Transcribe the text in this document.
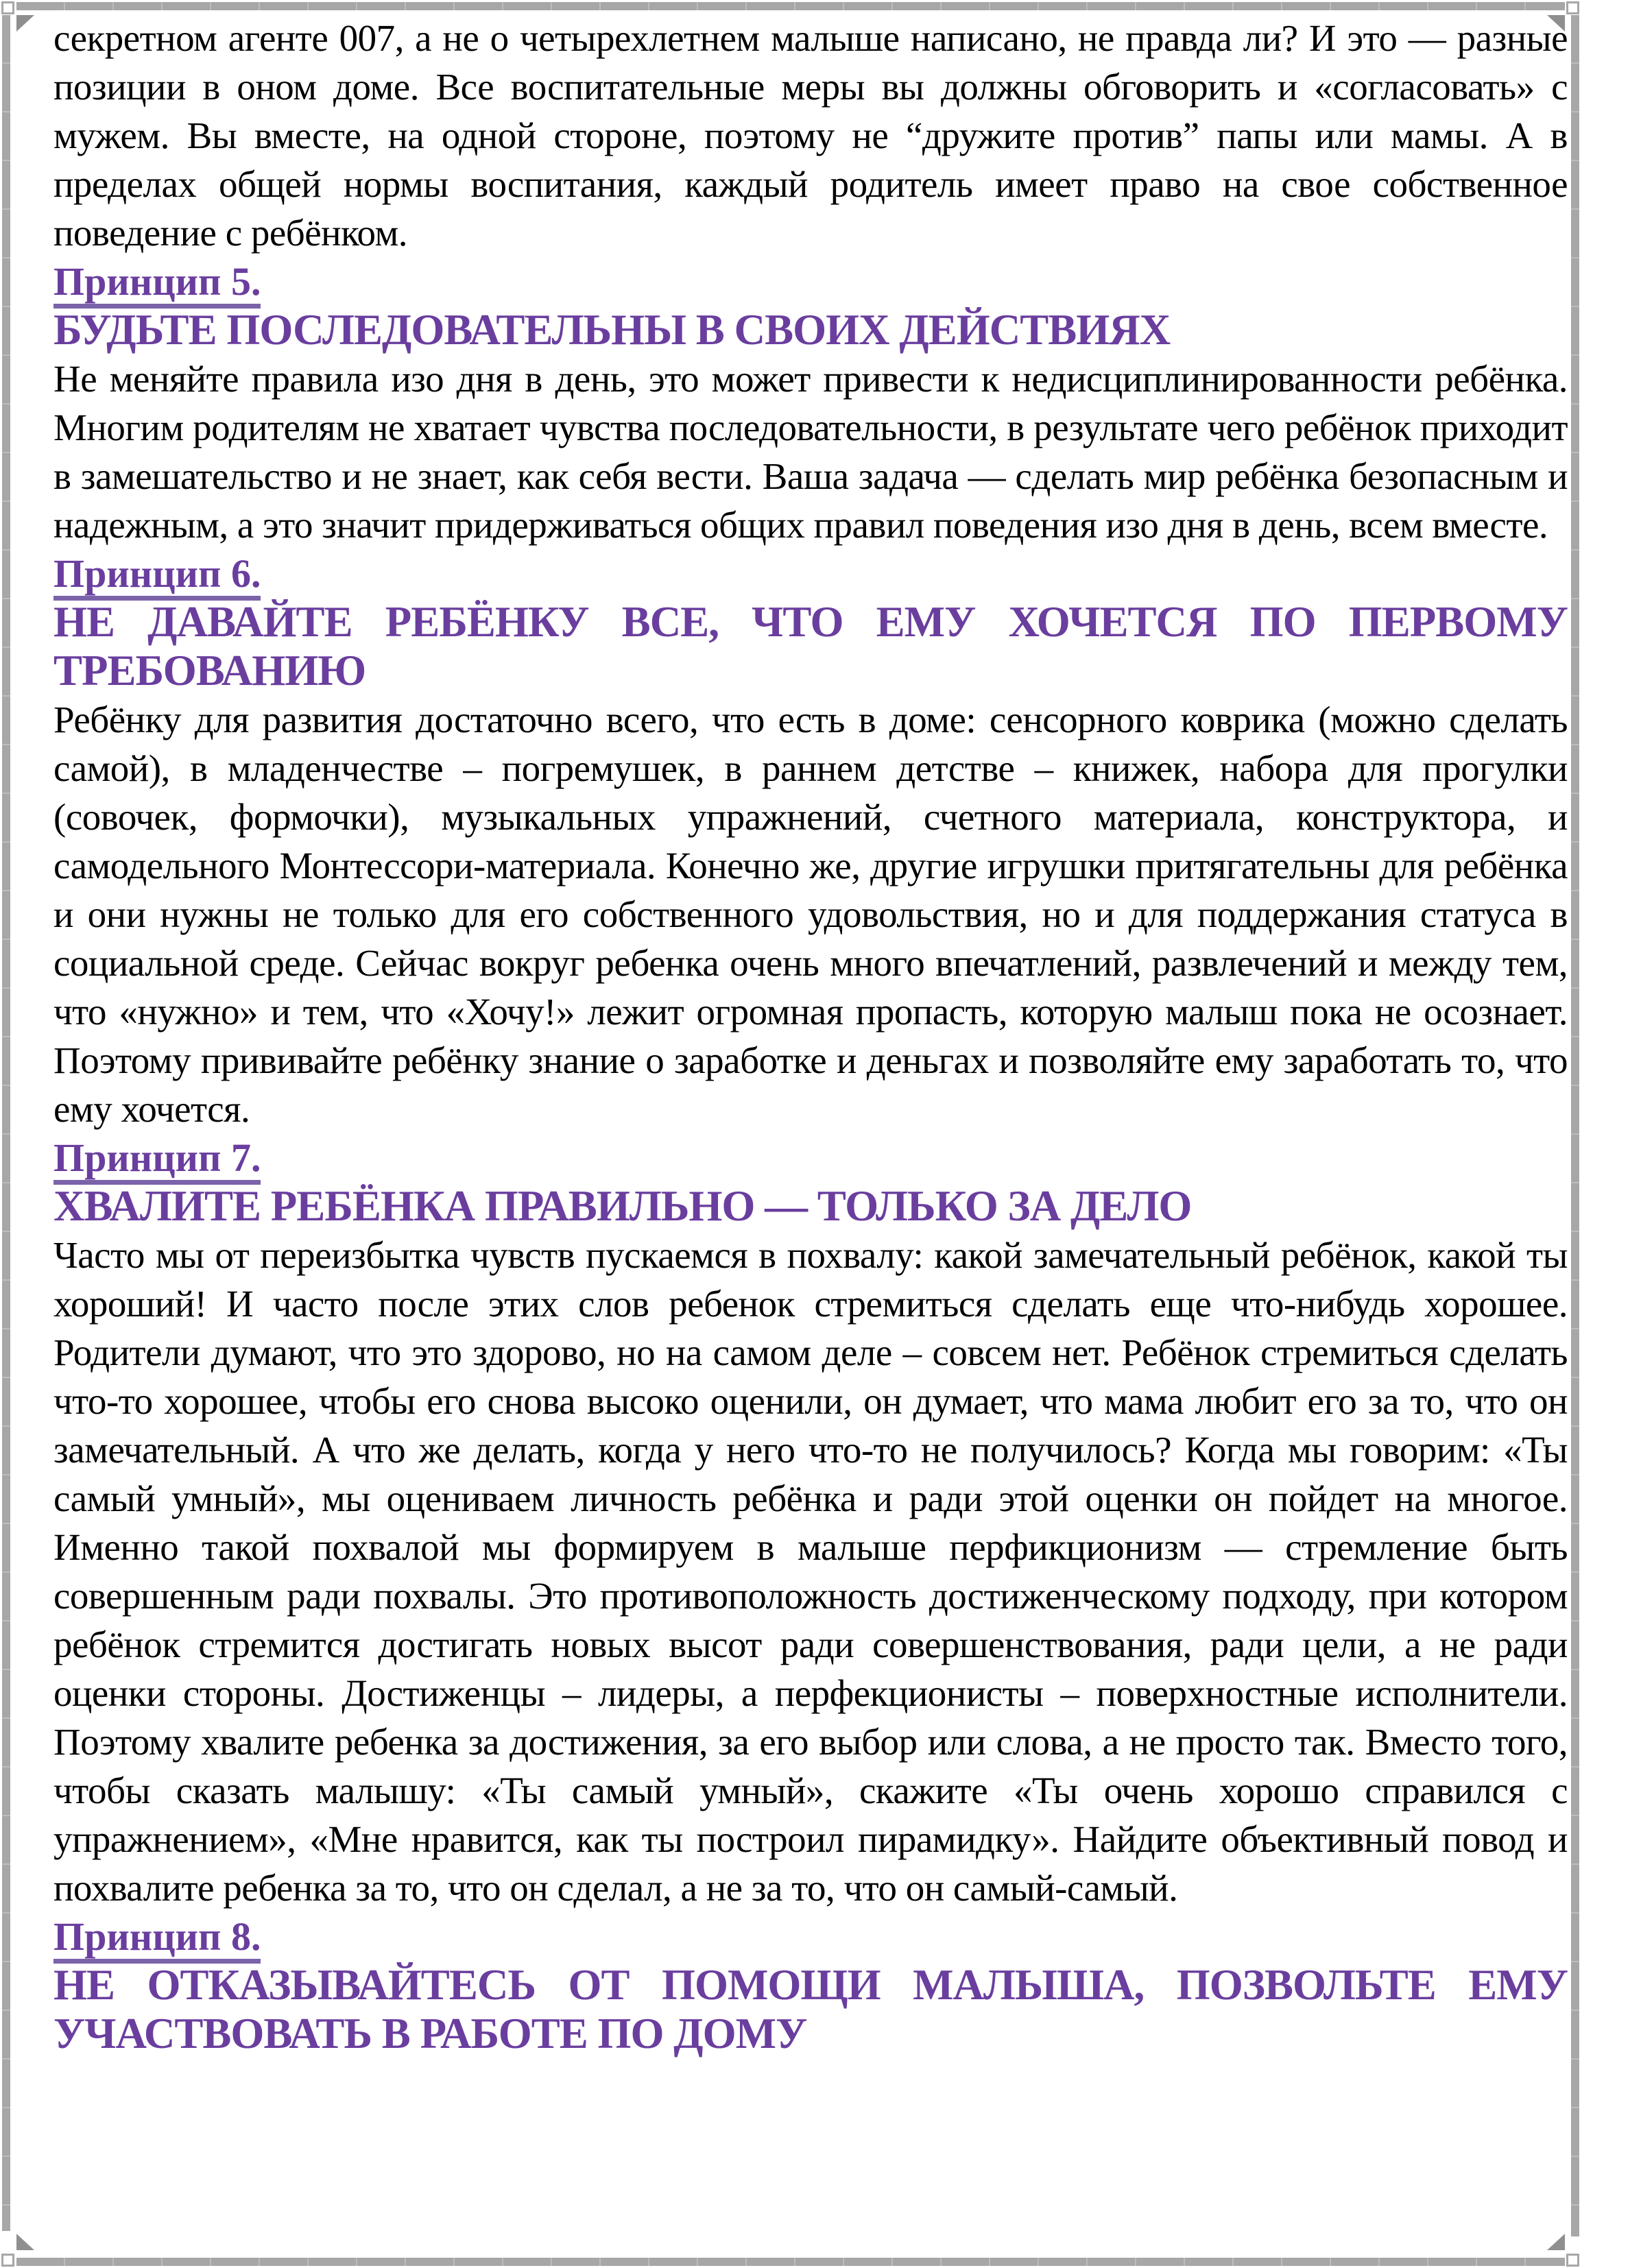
секретном агенте 007, а не о четырехлетнем малыше написано, не правда ли? И это — разные позиции в оном доме. Все воспитательные меры вы должны обговорить и «согласовать» с мужем. Вы вместе, на одной стороне, поэтому не “дружите против” папы или мамы. А в пределах общей нормы воспитания, каждый родитель имеет право на свое собственное поведение с ребёнком.

Принцип 5.
БУДЬТЕ ПОСЛЕДОВАТЕЛЬНЫ В СВОИХ ДЕЙСТВИЯХ

Не меняйте правила изо дня в день, это может привести к недисциплинированности ребёнка. Многим родителям не хватает чувства последовательности, в результате чего ребёнок приходит в замешательство и не знает, как себя вести. Ваша задача — сделать мир ребёнка безопасным и надежным, а это значит придерживаться общих правил поведения изо дня в день, всем вместе.

Принцип 6.
НЕ ДАВАЙТЕ РЕБЁНКУ ВСЕ, ЧТО ЕМУ ХОЧЕТСЯ ПО ПЕРВОМУ
ТРЕБОВАНИЮ

Ребёнку для развития достаточно всего, что есть в доме: сенсорного коврика (можно сделать самой), в младенчестве – погремушек, в раннем детстве – книжек, набора для прогулки (совочек, формочки), музыкальных упражнений, счетного материала, конструктора, и самодельного Монтессори-материала. Конечно же, другие игрушки притягательны для ребёнка и они нужны не только для его собственного удовольствия, но и для поддержания статуса в социальной среде. Сейчас вокруг ребенка очень много впечатлений, развлечений и между тем, что «нужно» и тем, что «Хочу!» лежит огромная пропасть, которую малыш пока не осознает. Поэтому прививайте ребёнку знание о заработке и деньгах и позволяйте ему заработать то, что ему хочется.

Принцип 7.
ХВАЛИТЕ РЕБЁНКА ПРАВИЛЬНО — ТОЛЬКО ЗА ДЕЛО

Часто мы от переизбытка чувств пускаемся в похвалу: какой замечательный ребёнок, какой ты хороший! И часто после этих слов ребенок стремиться сделать еще что-нибудь хорошее. Родители думают, что это здорово, но на самом деле – совсем нет. Ребёнок стремиться сделать что-то хорошее, чтобы его снова высоко оценили, он думает, что мама любит его за то, что он замечательный. А что же делать, когда у него что-то не получилось? Когда мы говорим: «Ты самый умный», мы оцениваем личность ребёнка и ради этой оценки он пойдет на многое. Именно такой похвалой мы формируем в малыше перфикционизм — стремление быть совершенным ради похвалы. Это противоположность достиженческому подходу, при котором ребёнок стремится достигать новых высот ради совершенствования, ради цели, а не ради оценки стороны. Достиженцы – лидеры, а перфекционисты – поверхностные исполнители. Поэтому хвалите ребенка за достижения, за его выбор или слова, а не просто так. Вместо того, чтобы сказать малышу: «Ты самый умный», скажите «Ты очень хорошо справился с упражнением», «Мне нравится, как ты построил пирамидку». Найдите объективный повод и похвалите ребенка за то, что он сделал, а не за то, что он самый-самый.

Принцип 8.
НЕ ОТКАЗЫВАЙТЕСЬ ОТ ПОМОЩИ МАЛЫША, ПОЗВОЛЬТЕ ЕМУ
УЧАСТВОВАТЬ В РАБОТЕ ПО ДОМУ
